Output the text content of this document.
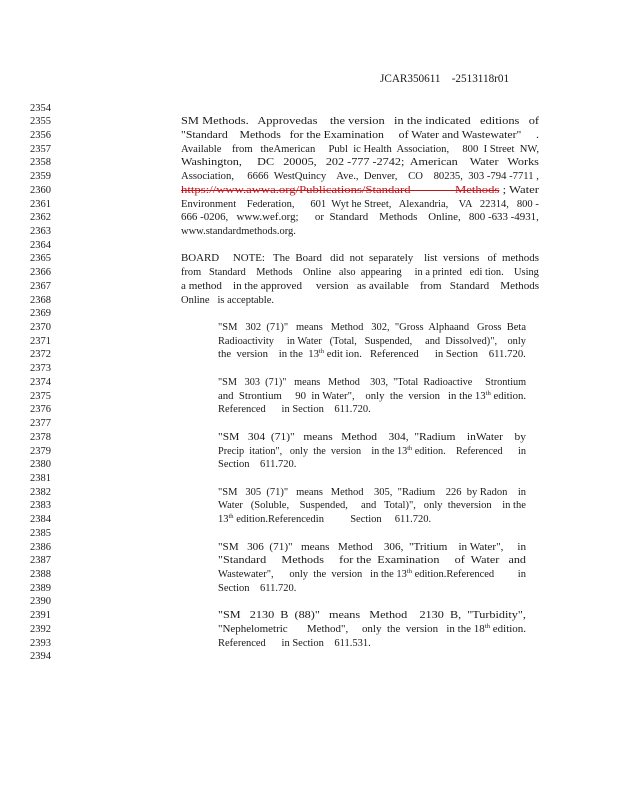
JCAR350611    -2513118r01
2354
2355
2356
2357
2358
2359
2360
2361
2362
2363
2364
2365
2366
2367
2368
2369
2370
2371
2372
2373
2374
2375
2376
2377
2378
2379
2380
2381
2382
2383
2384
2385
2386
2387
2388
2389
2390
2391
2392
2393
2394
SM Methods.   Approvedas    the version   in the indicated   editions   of
"Standard    Methods   for the Examination     of Water and Wastewater"     .
Available    from   theAmerican     Publ  ic Health  Association,     800  I Street  NW,
Washington,     DC   20005,   202 -777 -2742;  American    Water   Works
Association,     6666  WestQuincy    Ave.,  Denver,    CO    80235,  303 -794 -7711 ,
https://www.awwa.org/Publications/Standard              Methods ; Water
Environment    Federation,      601  Wyt he Street,   Alexandria,    VA   22314,   800 -
666 -0206,   www.wef.org;      or  Standard    Methods    Online,   800 -633 -4931,
www.standardmethods.org.
BOARD     NOTE:   The  Board   did  not  separately    list  versions   of  methods
from   Standard    Methods    Online   also  appearing     in a printed   edi tion.    Using
a method    in the approved     version   as available    from   Standard    Methods
Online   is acceptable.
"SM   302  (71)"   means   Method   302,  "Gross  Alphaand   Gross  Beta
Radioactivity     in Water   (Total,   Suspended,     and  Dissolved)",    only
the  version    in the  13th edit ion.   Referenced      in Section    611.720.
"SM   303  (71)"   means   Method    303,  "Total  Radioactive     Strontium
and  Strontium     90  in Water",    only  the  version   in the 13th edition.
Referenced      in Section    611.720.
"SM   304  (71)"   means   Method    304,  "Radium    inWater    by
Precip  itation",   only  the  version    in the 13th edition.    Referenced      in
Section    611.720.
"SM   305  (71)"   means   Method    305,  "Radium    226  by Radon    in
Water   (Soluble,    Suspended,     and   Total)",   only  theversion    in the
13th edition.Referencedin          Section     611.720.
"SM   306  (71)"   means   Method    306,  "Tritium    in Water",     in
"Standard     Methods     for the  Examination     of  Water   and
Wastewater",      only  the  version   in the 13th edition.Referenced         in
Section    611.720.
"SM   2130  B  (88)"   means   Method    2130  B,  "Turbidity",
"Nephelometric       Method",     only  the  version   in the 18th edition.
Referenced      in Section    611.531.
